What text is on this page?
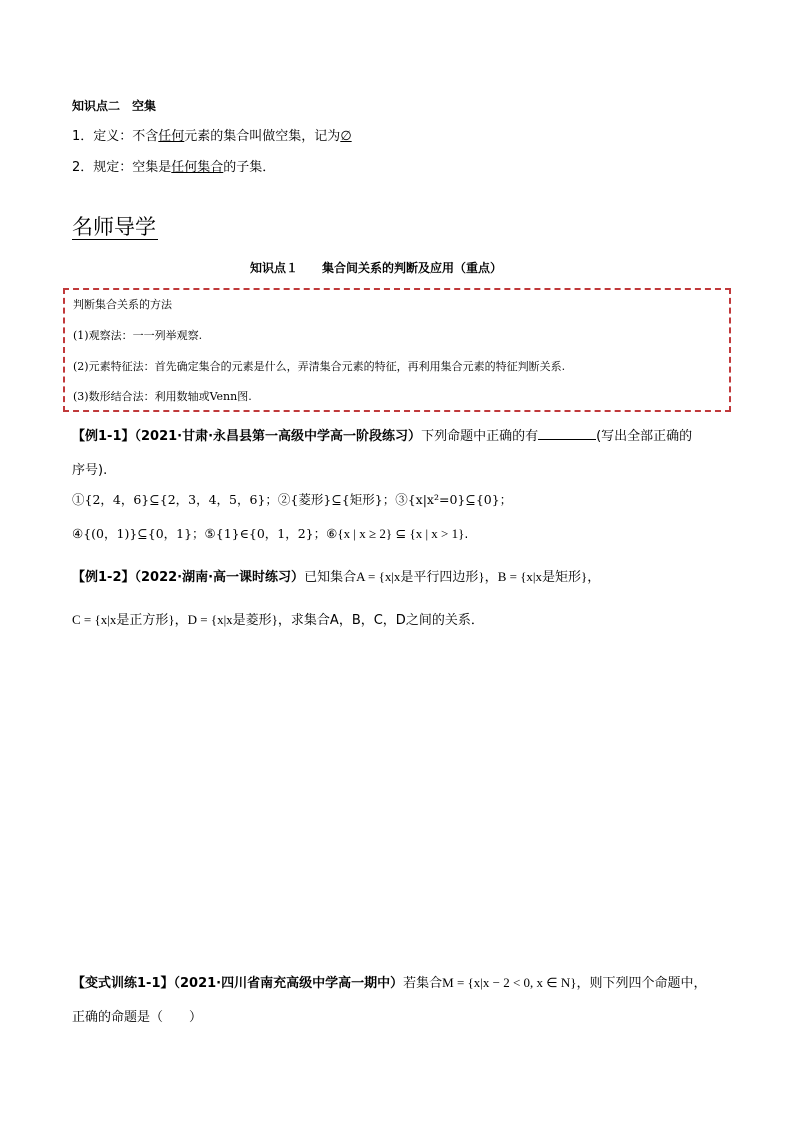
知识点二　空集
1．定义：不含任何元素的集合叫做空集，记为∅
2．规定：空集是任何集合的子集．
名师导学
知识点１　　集合间关系的判断及应用（重点）
判断集合关系的方法
(1)观察法：一一列举观察.
(2)元素特征法：首先确定集合的元素是什么，弄清集合元素的特征，再利用集合元素的特征判断关系.
(3)数形结合法：利用数轴或Venn图.
【例1-1】（2021·甘肃·永昌县第一高级中学高一阶段练习）下列命题中正确的有	(写出全部正确的
序号).
①{2，4，6}⊆{2，3，4，5，6}；②{菱形}⊆{矩形}；③{x|x²=0}⊆{0}；
④{(0，1)}⊆{0，1}；⑤{1}∈{0，1，2}；⑥{x | x ≥ 2} ⊆ {x | x > 1}.
【例1-2】（2022·湖南·高一课时练习）已知集合A = {x|x是平行四边形}，B = {x|x是矩形}，
C = {x|x是正方形}，D = {x|x是菱形}，求集合A，B，C，D之间的关系．
【变式训练1-1】（2021·四川省南充高级中学高一期中）若集合M = {x|x − 2 < 0, x ∈ N}，则下列四个命题中，
正确的命题是（　　）
